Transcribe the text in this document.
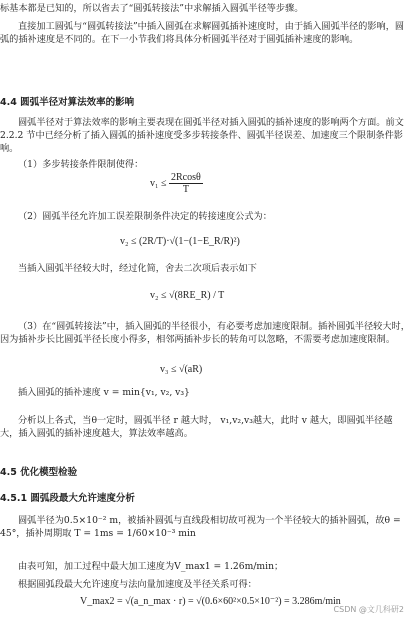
标基本都是已知的，所以省去了“圆弧转接法”中求解插入圆弧半径等步骤。
直接加工圆弧与“圆弧转接法”中插入圆弧在求解圆弧插补速度时，由于插入圆弧半径的影响，圆弧的插补速度是不同的。在下一小节我们将具体分析圆弧半径对于圆弧插补速度的影响。
4.4 圆弧半径对算法效率的影响
圆弧半径对于算法效率的影响主要表现在圆弧半径对插入圆弧的插补速度的影响两个方面。前文 2.2.2 节中已经分析了插入圆弧的插补速度受多步转接条件、圆弧半径误差、加速度三个限制条件影响。
（1）多步转接条件限制使得：
$v_1 \le \frac{2Rcos\theta}{T}$
（2）圆弧半径允许加工误差限制条件决定的转接速度公式为：
v₂ ≤ (2R/T)·√(1−(1−E_R/R)²)
当插入圆弧半径较大时，经过化简，舍去二次项后表示如下
v₂ ≤ √(8RE_R) / T
（3）在“圆弧转接法”中，插入圆弧的半径很小，有必要考虑加速度限制。插补圆弧半径较大时，因为插补步长比圆弧半径长度小得多，相邻两插补步长的转角可以忽略，不需要考虑加速度限制。
v₃ ≤ √(aR)
插入圆弧的插补速度 v = min{v₁, v₂, v₃}
分析以上各式，当θ一定时，圆弧半径 r 越大时， v₁,v₂,v₃越大，此时 v 越大，即圆弧半径越大，插入圆弧的插补速度越大，算法效率越高。
4.5 优化模型检验
4.5.1 圆弧段最大允许速度分析
圆弧半径为0.5×10⁻² m，被插补圆弧与直线段相切故可视为一个半径较大的插补圆弧，故θ = 45°，插补周期取 T = 1ms = 1/60×10⁻³ min
由表可知，加工过程中最大加工速度为V_max1 = 1.26m/min；
根据圆弧段最大允许速度与法向量加速度及半径关系可得：
V_max2 = √(a_n_max · r) = √(0.6×60²×0.5×10⁻²) = 3.286m/min
CSDN @文几科研2
